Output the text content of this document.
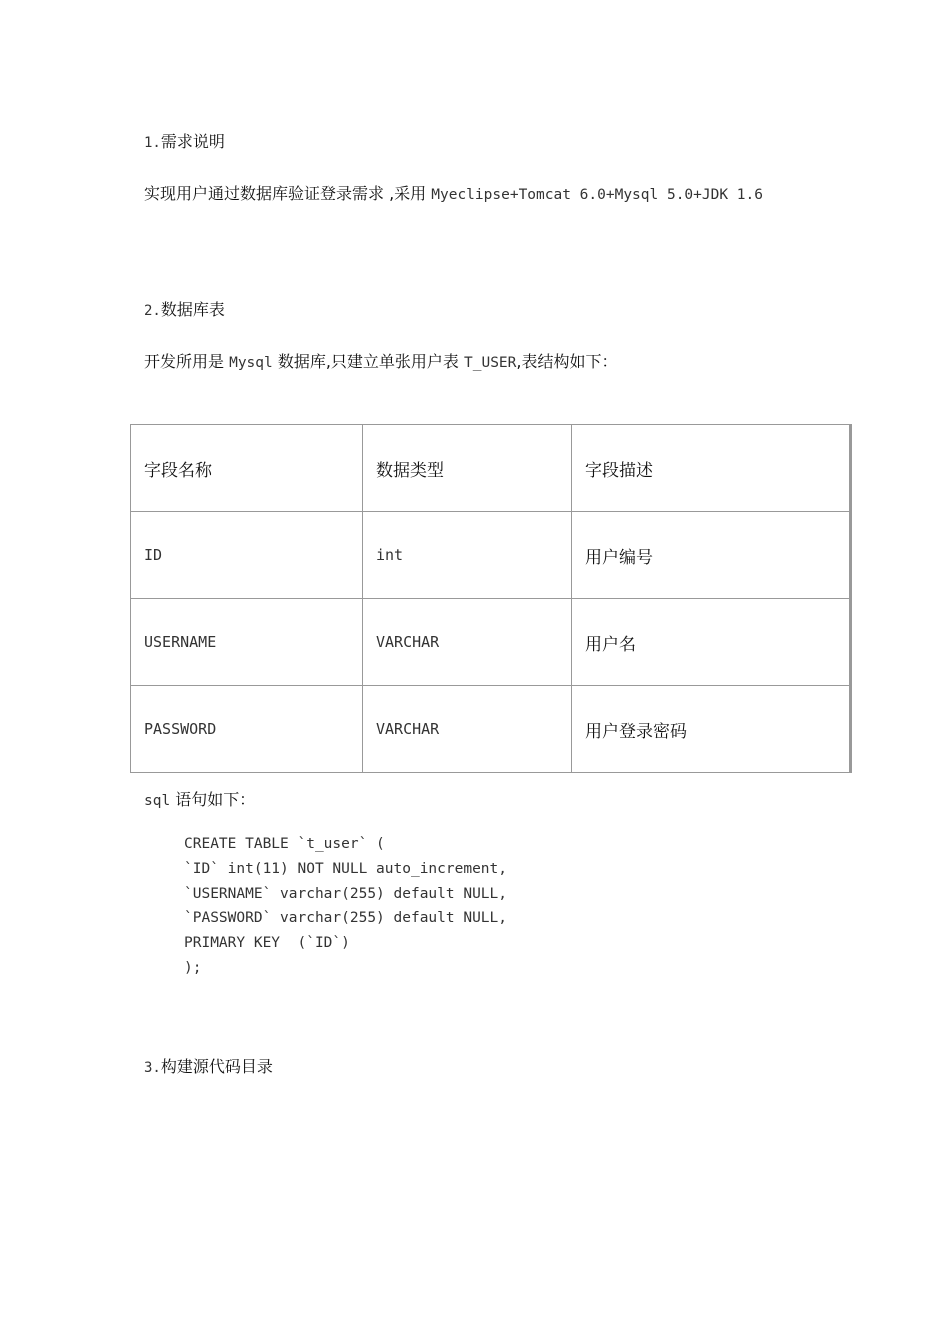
1.需求说明
实现用户通过数据库验证登录需求 ,采用 Myeclipse+Tomcat 6.0+Mysql 5.0+JDK 1.6
2.数据库表
开发所用是 Mysql 数据库,只建立单张用户表 T_USER,表结构如下：
字段名称	数据类型	字段描述
ID	int	用户编号
USERNAME	VARCHAR	用户名
PASSWORD	VARCHAR	用户登录密码
sql 语句如下：
CREATE TABLE `t_user` (
`ID` int(11) NOT NULL auto_increment,
`USERNAME` varchar(255) default NULL,
`PASSWORD` varchar(255) default NULL,
PRIMARY KEY  (`ID`)
);
3.构建源代码目录
